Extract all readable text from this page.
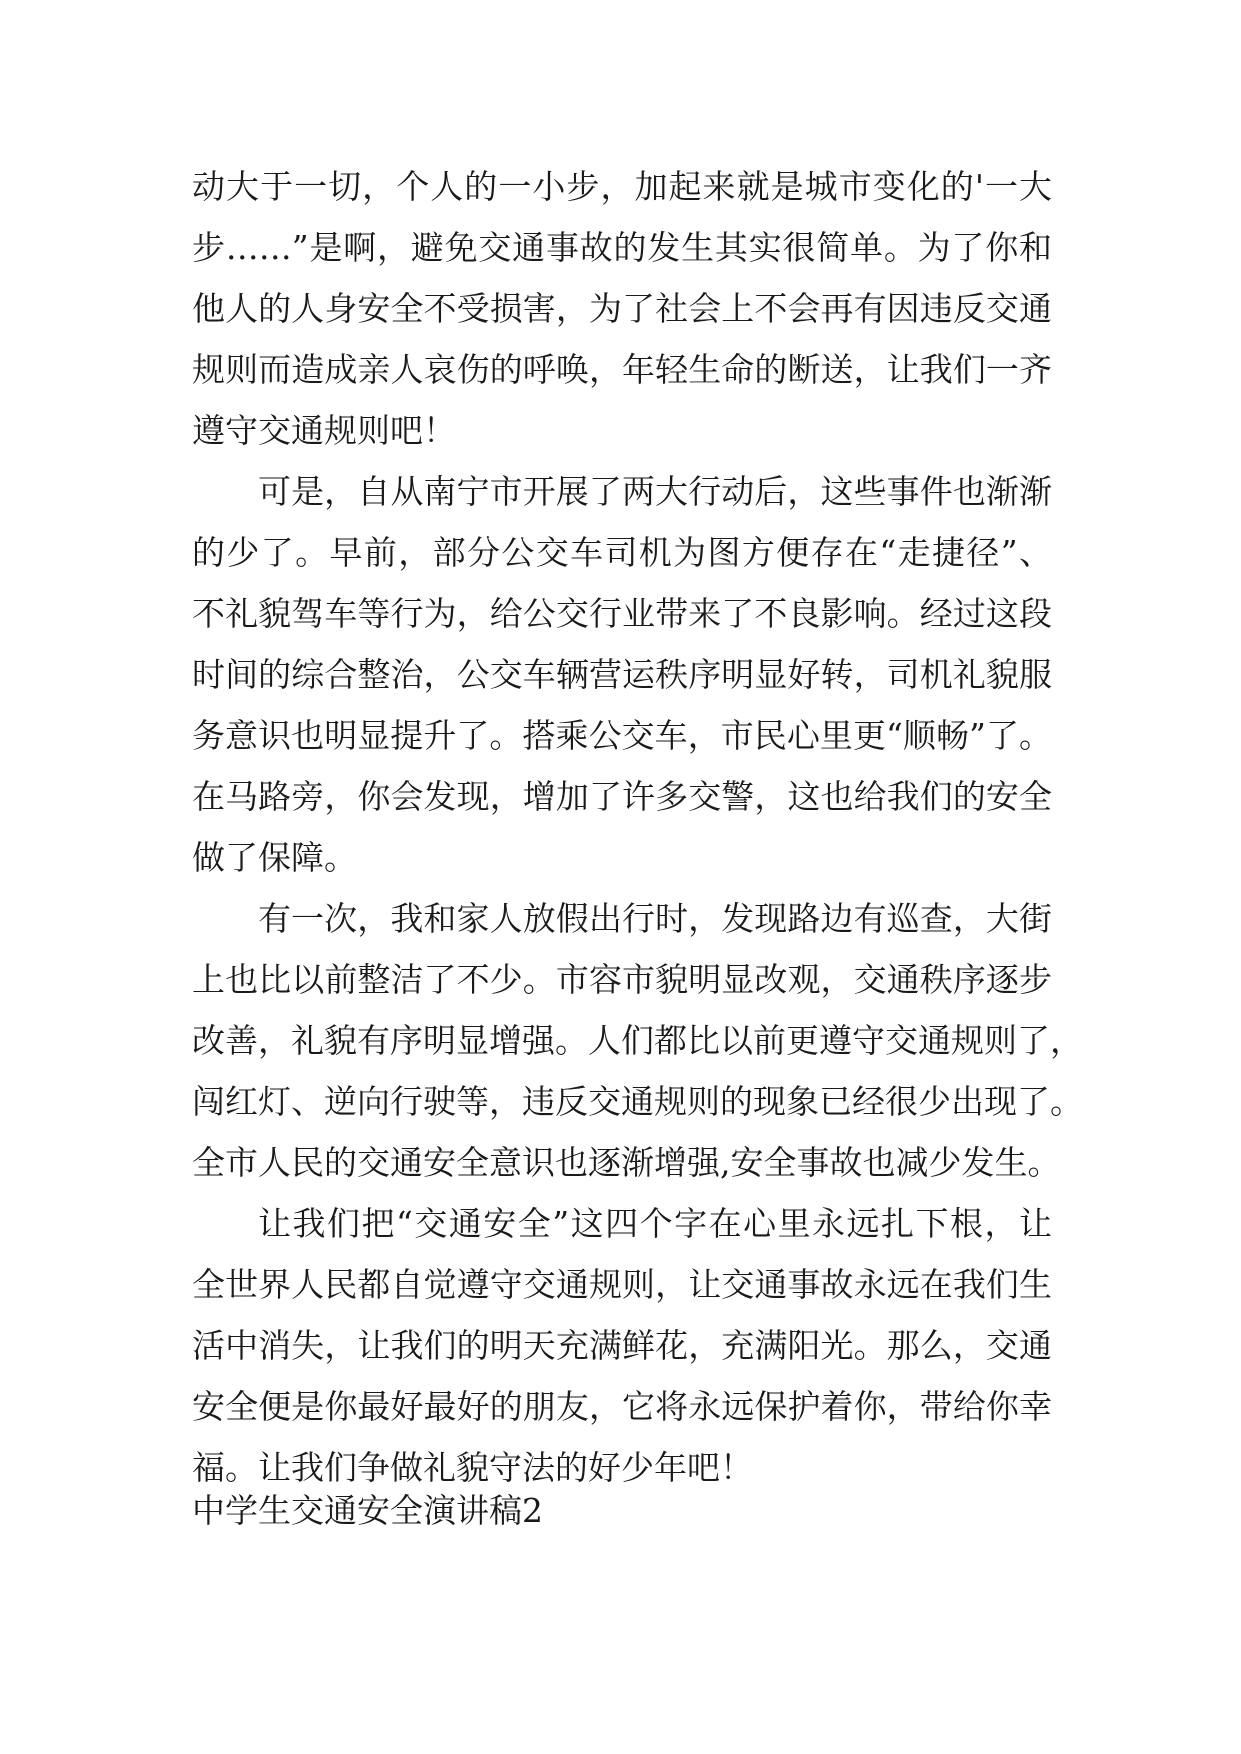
动大于一切，个人的一小步，加起来就是城市变化的'一大
步……”是啊，避免交通事故的发生其实很简单。为了你和
他人的人身安全不受损害，为了社会上不会再有因违反交通
规则而造成亲人哀伤的呼唤，年轻生命的断送，让我们一齐
遵守交通规则吧！
可是，自从南宁市开展了两大行动后，这些事件也渐渐
的少了。早前，部分公交车司机为图方便存在“走捷径”、
不礼貌驾车等行为，给公交行业带来了不良影响。经过这段
时间的综合整治，公交车辆营运秩序明显好转，司机礼貌服
务意识也明显提升了。搭乘公交车，市民心里更“顺畅”了。
在马路旁，你会发现，增加了许多交警，这也给我们的安全
做了保障。
有一次，我和家人放假出行时，发现路边有巡查，大街
上也比以前整洁了不少。市容市貌明显改观，交通秩序逐步
改善，礼貌有序明显增强。人们都比以前更遵守交通规则了，
闯红灯、逆向行驶等，违反交通规则的现象已经很少出现了。
全市人民的交通安全意识也逐渐增强,安全事故也减少发生。
让我们把“交通安全”这四个字在心里永远扎下根，让
全世界人民都自觉遵守交通规则，让交通事故永远在我们生
活中消失，让我们的明天充满鲜花，充满阳光。那么，交通
安全便是你最好最好的朋友，它将永远保护着你，带给你幸
福。让我们争做礼貌守法的好少年吧！
中学生交通安全演讲稿2
